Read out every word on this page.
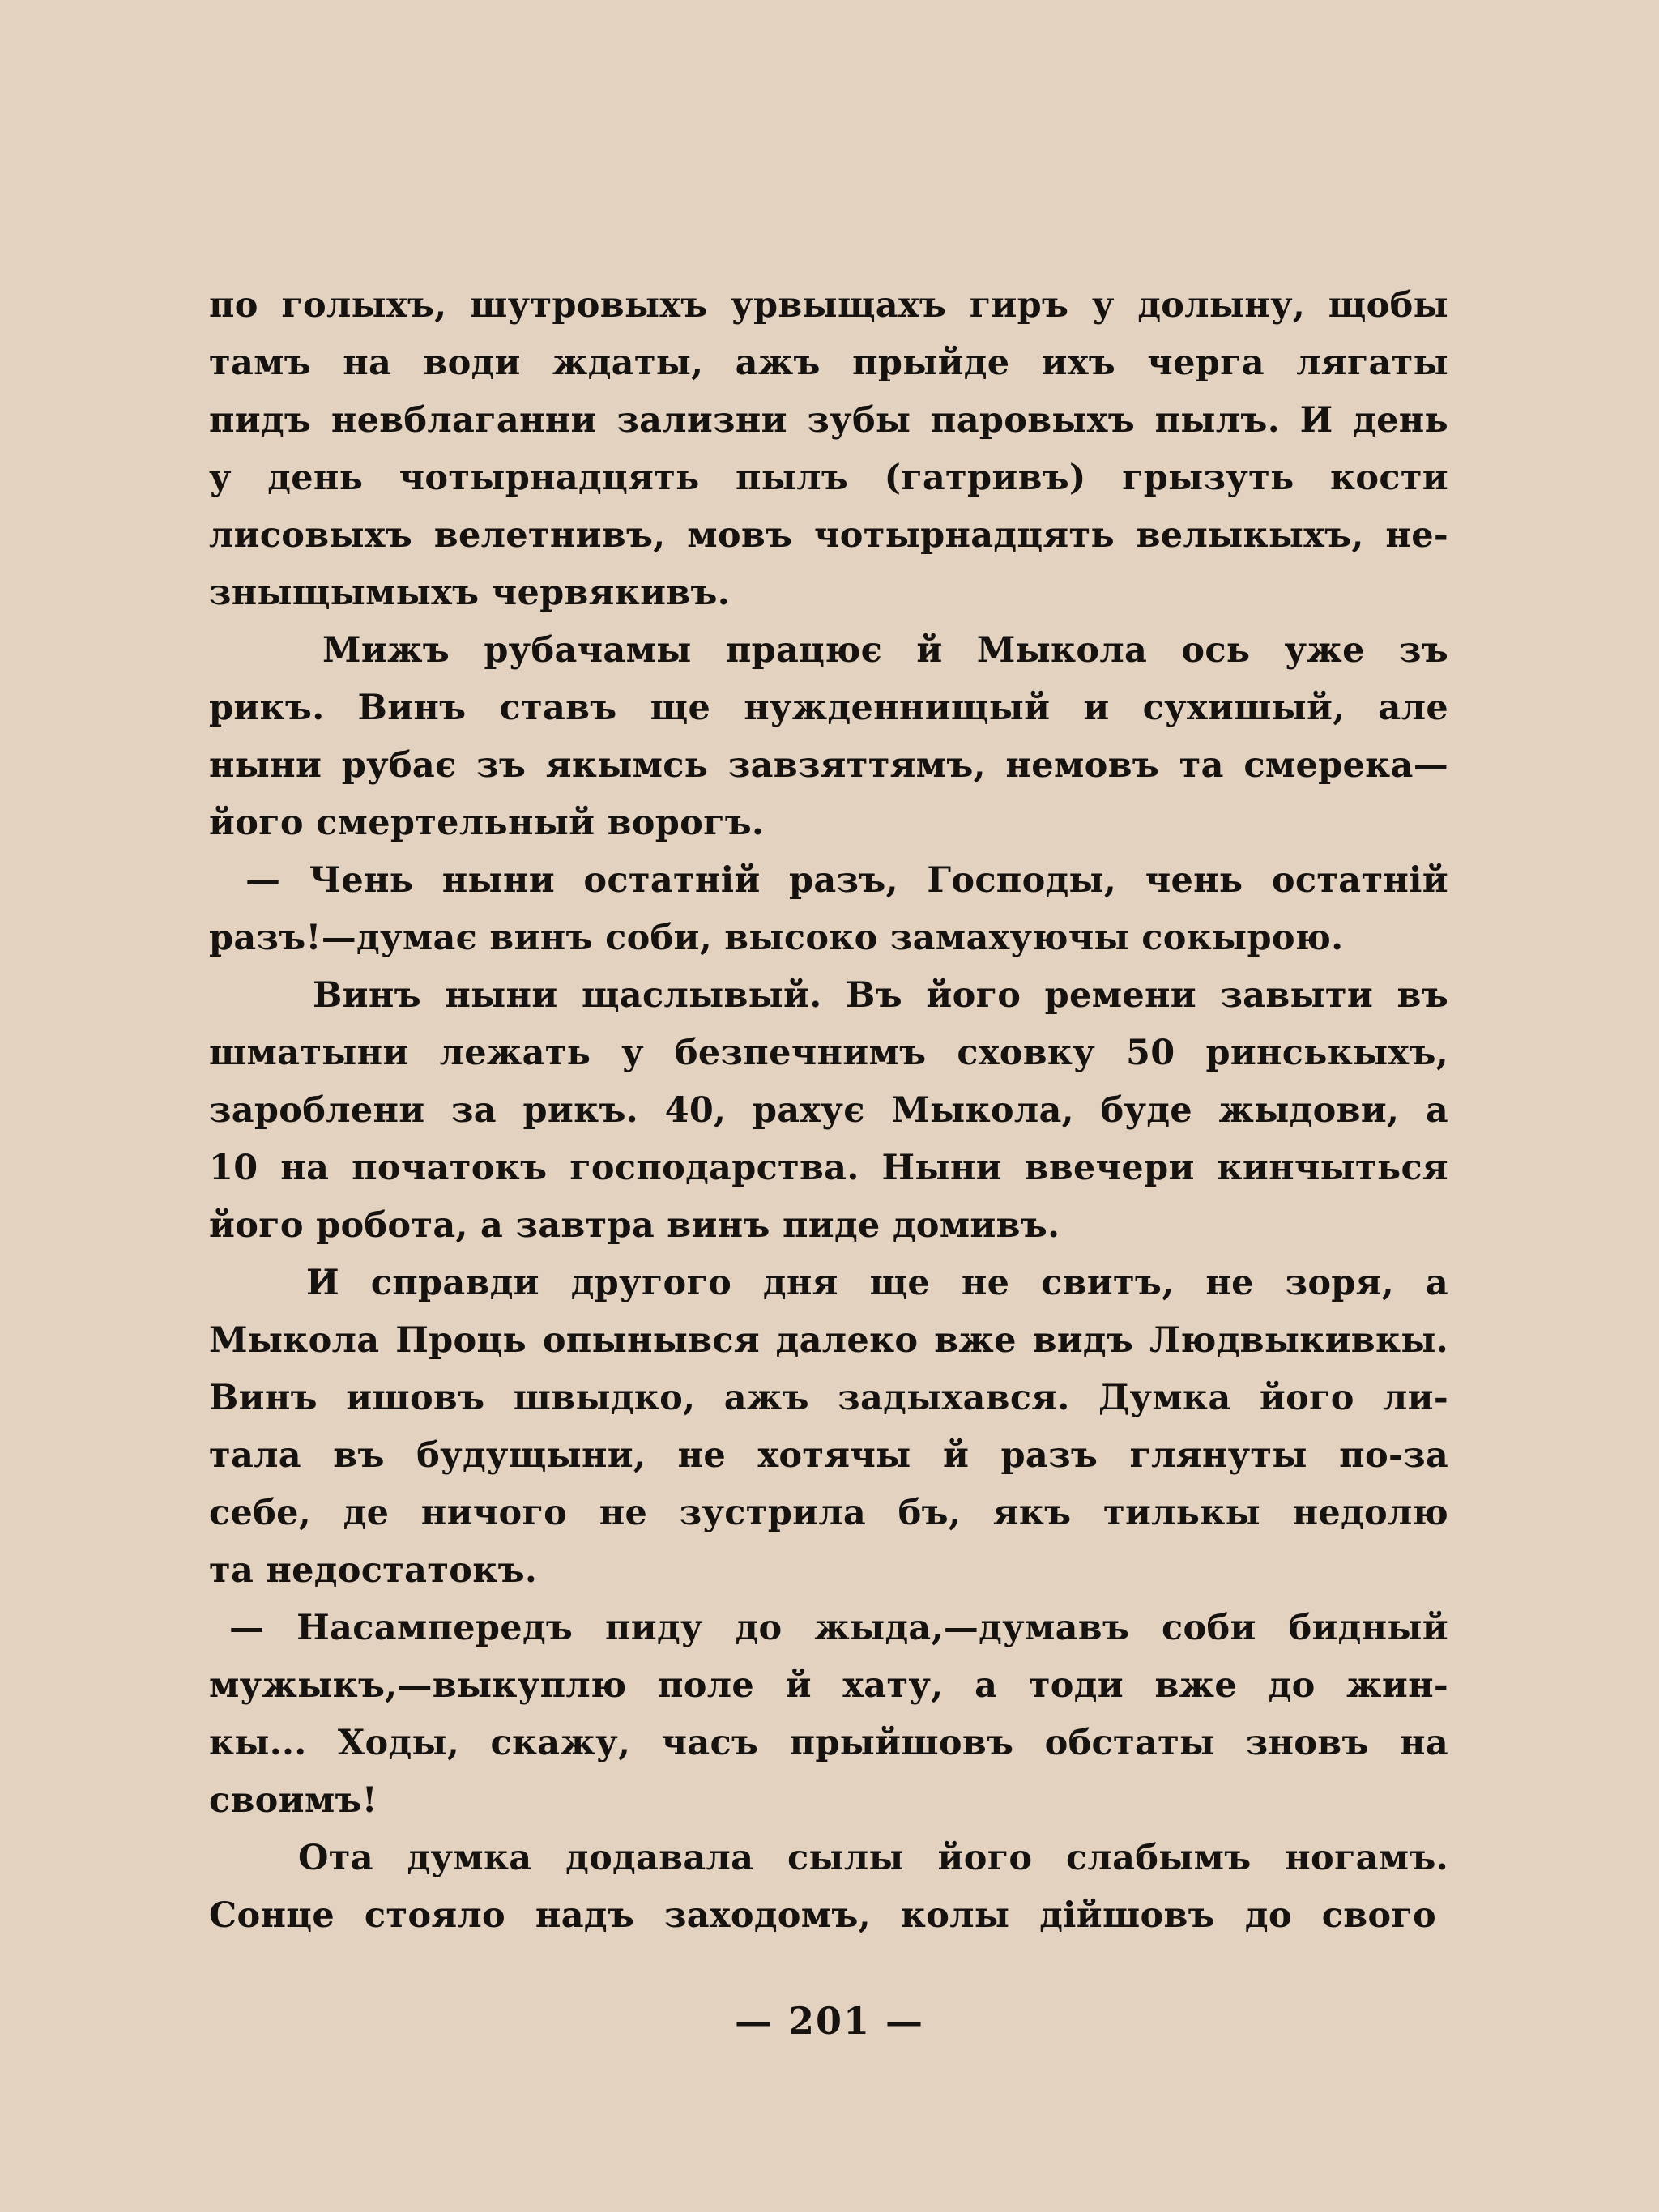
по голыхъ, шутровыхъ урвыщахъ гиръ у долыну, щобы
тамъ на води ждаты, ажъ прыйде ихъ черга лягаты
пидъ невблаганни зализни зубы паровыхъ пылъ. И день
у день чотырнадцять пылъ (гатривъ) грызуть кости
лисовыхъ велетнивъ, мовъ чотырнадцять велыкыхъ, не-
зныщымыхъ червякивъ.
Мижъ рубачамы працює й Мыкола ось уже зъ
рикъ. Винъ ставъ ще нужденнищый и сухишый, але
ныни рубає зъ якымсь завзяттямъ, немовъ та смерека—
його смертельный ворогъ.
— Чень ныни остатній разъ, Господы, чень остатній
разъ!—думає винъ соби, высоко замахуючы сокырою.
Винъ ныни щаслывый. Въ його ремени завыти въ
шматыни лежать у безпечнимъ сховку 50 ринськыхъ,
зароблени за рикъ. 40, рахує Мыкола, буде жыдови, а
10 на початокъ господарства. Ныни ввечери кинчыться
його робота, а завтра винъ пиде домивъ.
И справди другого дня ще не свитъ, не зоря, а
Мыкола Проць опынывся далеко вже видъ Людвыкивкы.
Винъ ишовъ швыдко, ажъ задыхався. Думка його ли-
тала въ будущыни, не хотячы й разъ глянуты по-за
себе, де ничого не зустрила бъ, якъ тилькы недолю
та недостатокъ.
— Насампередъ пиду до жыда,—думавъ соби бидный
мужыкъ,—выкуплю поле й хату, а тоди вже до жин-
кы... Ходы, скажу, часъ прыйшовъ обстаты зновъ на
своимъ!
Ота думка додавала сылы його слабымъ ногамъ.
Сонце стояло надъ заходомъ, колы дійшовъ до свого
— 201 —
